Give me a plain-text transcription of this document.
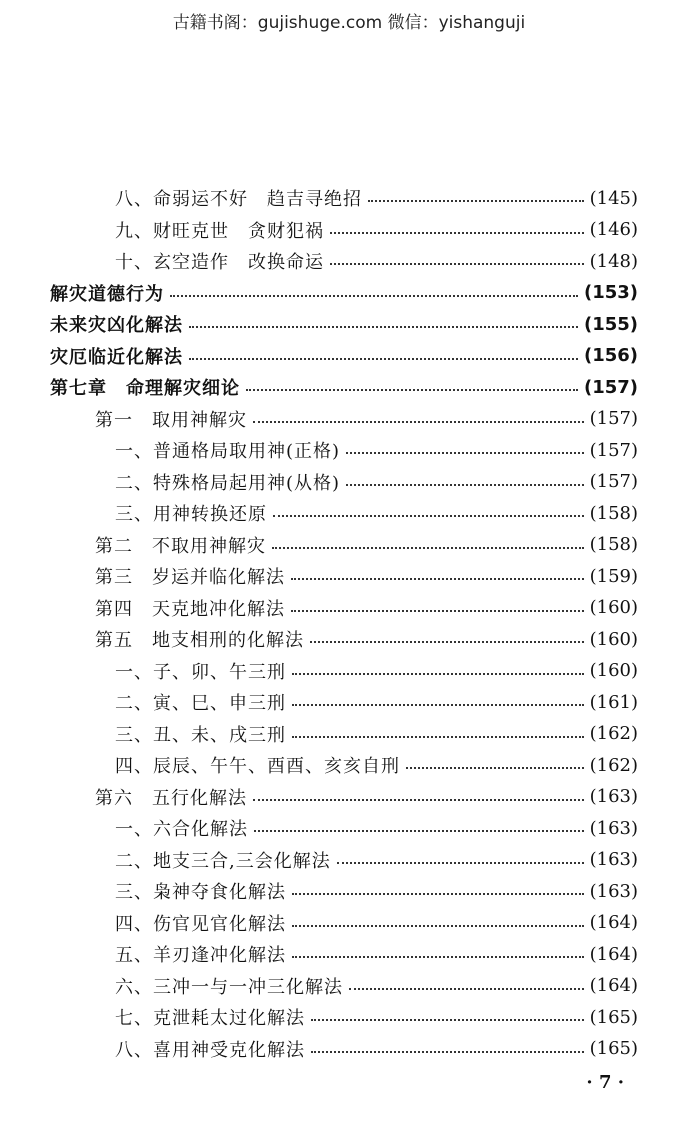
古籍书阁：gujishuge.com 微信：yishanguji
八、命弱运不好　趋吉寻绝招	(145)
九、财旺克世　贪财犯祸	(146)
十、玄空造作　改换命运	(148)
解灾道德行为	(153)
未来灾凶化解法	(155)
灾厄临近化解法	(156)
第七章　命理解灾细论	(157)
第一　取用神解灾	(157)
一、普通格局取用神(正格)	(157)
二、特殊格局起用神(从格)	(157)
三、用神转换还原	(158)
第二　不取用神解灾	(158)
第三　岁运并临化解法	(159)
第四　天克地冲化解法	(160)
第五　地支相刑的化解法	(160)
一、子、卯、午三刑	(160)
二、寅、巳、申三刑	(161)
三、丑、未、戌三刑	(162)
四、辰辰、午午、酉酉、亥亥自刑	(162)
第六　五行化解法	(163)
一、六合化解法	(163)
二、地支三合,三会化解法	(163)
三、枭神夺食化解法	(163)
四、伤官见官化解法	(164)
五、羊刃逢冲化解法	(164)
六、三冲一与一冲三化解法	(164)
七、克泄耗太过化解法	(165)
八、喜用神受克化解法	(165)
· 7 ·
